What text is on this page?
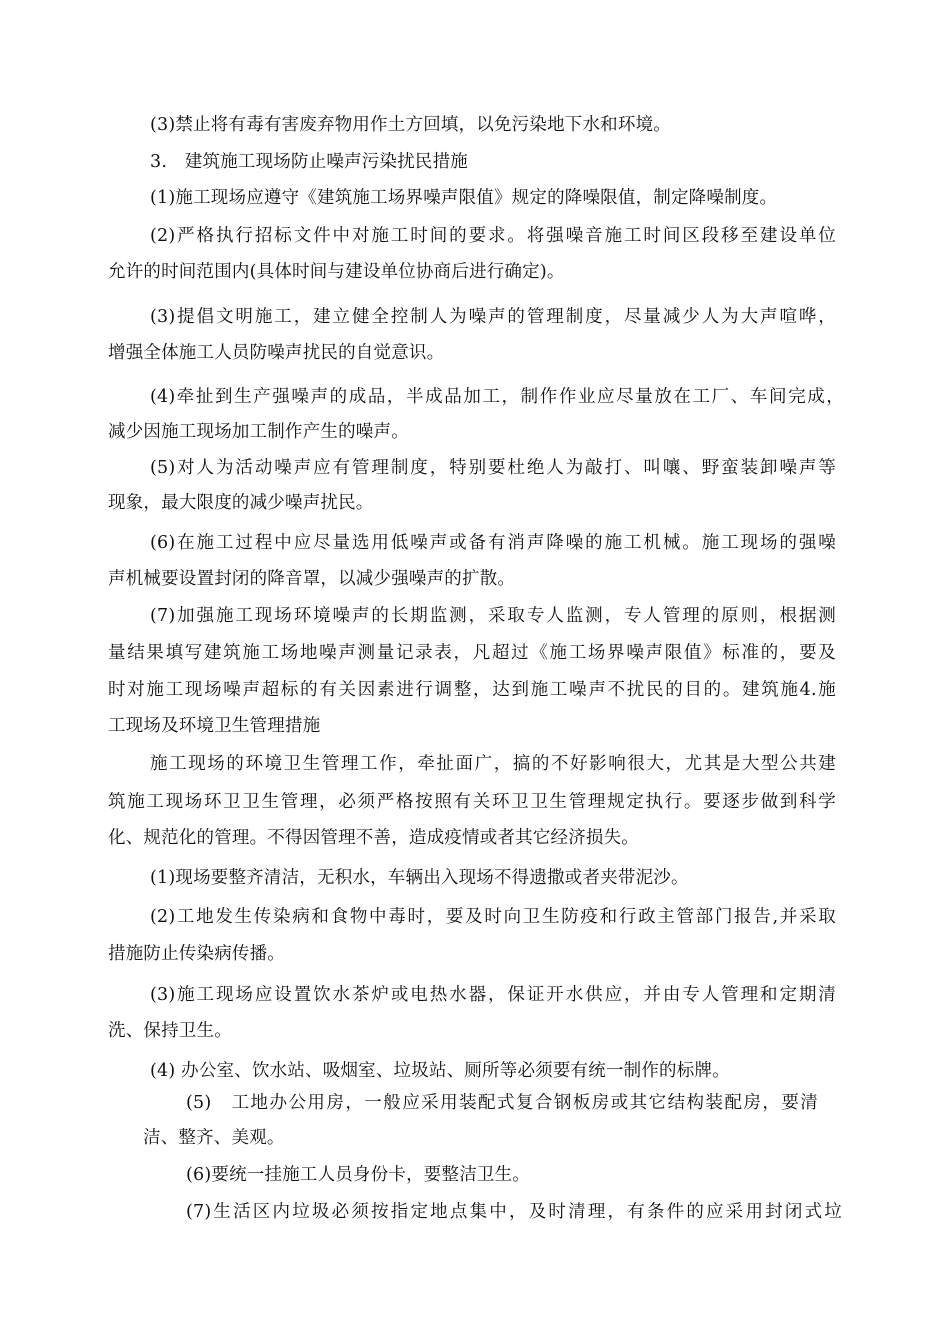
(3)禁止将有毒有害废弃物用作土方回填，以免污染地下水和环境。
3.　建筑施工现场防止噪声污染扰民措施
(1)施工现场应遵守《建筑施工场界噪声限值》规定的降噪限值，制定降噪制度。
(2)严格执行招标文件中对施工时间的要求。将强噪音施工时间区段移至建设单位
允许的时间范围内(具体时间与建设单位协商后进行确定)。
(3)提倡文明施工，建立健全控制人为噪声的管理制度，尽量减少人为大声喧哗，
增强全体施工人员防噪声扰民的自觉意识。
(4)牵扯到生产强噪声的成品，半成品加工，制作作业应尽量放在工厂、车间完成，
减少因施工现场加工制作产生的噪声。
(5)对人为活动噪声应有管理制度，特别要杜绝人为敲打、叫嚷、野蛮装卸噪声等
现象，最大限度的减少噪声扰民。
(6)在施工过程中应尽量选用低噪声或备有消声降噪的施工机械。施工现场的强噪
声机械要设置封闭的降音罩，以减少强噪声的扩散。
(7)加强施工现场环境噪声的长期监测，采取专人监测，专人管理的原则，根据测
量结果填写建筑施工场地噪声测量记录表，凡超过《施工场界噪声限值》标准的，要及
时对施工现场噪声超标的有关因素进行调整，达到施工噪声不扰民的目的。建筑施4.施
工现场及环境卫生管理措施
施工现场的环境卫生管理工作，牵扯面广，搞的不好影响很大，尤其是大型公共建
筑施工现场环卫卫生管理，必须严格按照有关环卫卫生管理规定执行。要逐步做到科学
化、规范化的管理。不得因管理不善，造成疫情或者其它经济损失。
(1)现场要整齐清洁，无积水，车辆出入现场不得遗撒或者夹带泥沙。
(2)工地发生传染病和食物中毒时，要及时向卫生防疫和行政主管部门报告,并采取
措施防止传染病传播。
(3)施工现场应设置饮水茶炉或电热水器，保证开水供应，并由专人管理和定期清
洗、保持卫生。
(4) 办公室、饮水站、吸烟室、垃圾站、厕所等必须要有统一制作的标牌。
(5)　工地办公用房，一般应采用装配式复合钢板房或其它结构装配房，要清
洁、整齐、美观。
(6)要统一挂施工人员身份卡，要整洁卫生。
(7)生活区内垃圾必须按指定地点集中，及时清理，有条件的应采用封闭式垃
